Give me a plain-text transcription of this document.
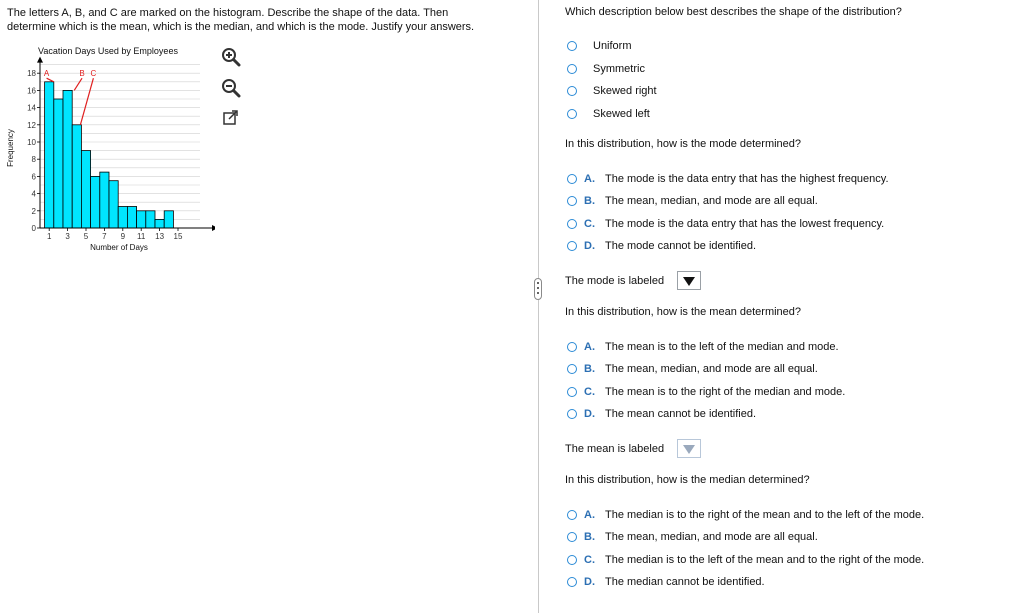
The letters A, B, and C are marked on the histogram. Describe the shape of the data. Then
determine which is the mean, which is the median, and which is the mode. Justify your answers.
Vacation Days Used by Employees
Frequency
Number of Days
0
2
4
6
8
10
12
14
16
18
1 3 5 7 9 11 13 15
A	B C
Which description below best describes the shape of the distribution?
Uniform
Symmetric
Skewed right
Skewed left
In this distribution, how is the mode determined?
A. The mode is the data entry that has the highest frequency.
B. The mean, median, and mode are all equal.
C. The mode is the data entry that has the lowest frequency.
D. The mode cannot be identified.
The mode is labeled
In this distribution, how is the mean determined?
A. The mean is to the left of the median and mode.
B. The mean, median, and mode are all equal.
C. The mean is to the right of the median and mode.
D. The mean cannot be identified.
The mean is labeled
In this distribution, how is the median determined?
A. The median is to the right of the mean and to the left of the mode.
B. The mean, median, and mode are all equal.
C. The median is to the left of the mean and to the right of the mode.
D. The median cannot be identified.
